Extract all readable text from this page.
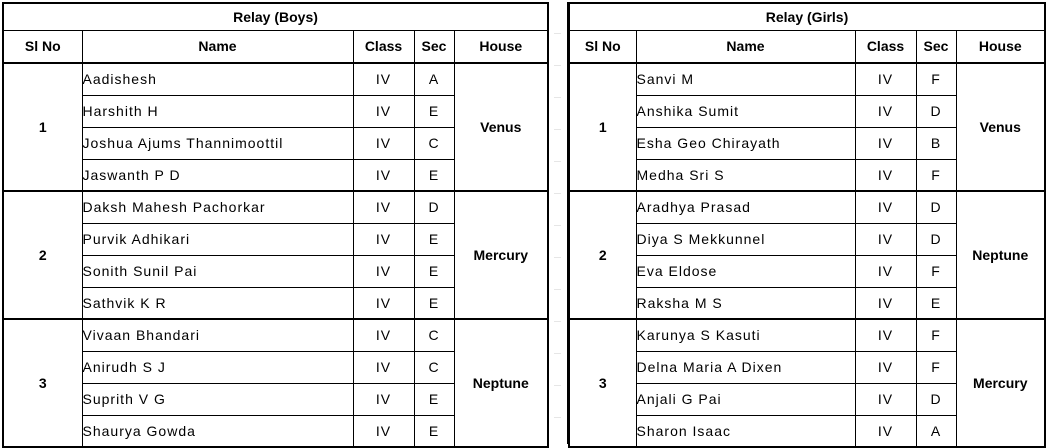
Relay (Boys)				
Sl No	Name	Class	Sec	House
1	Aadishesh	IV	A	Venus
	Harshith H	IV	E	
	Joshua Ajums Thannimoottil	IV	C	
	Jaswanth P D	IV	E	
2	Daksh Mahesh Pachorkar	IV	D	Mercury
	Purvik Adhikari	IV	E	
	Sonith Sunil Pai	IV	E	
	Sathvik K R	IV	E	
3	Vivaan Bhandari	IV	C	Neptune
	Anirudh S J	IV	C	
	Suprith V G	IV	E	
	Shaurya Gowda	IV	E	
Relay (Girls)				
Sl No	Name	Class	Sec	House
1	Sanvi M	IV	F	Venus
	Anshika Sumit	IV	D	
	Esha Geo Chirayath	IV	B	
	Medha Sri S	IV	F	
2	Aradhya Prasad	IV	D	Neptune
	Diya S Mekkunnel	IV	D	
	Eva Eldose	IV	F	
	Raksha M S	IV	E	
3	Karunya S Kasuti	IV	F	Mercury
	Delna Maria A Dixen	IV	F	
	Anjali G Pai	IV	D	
	Sharon Isaac	IV	A	
